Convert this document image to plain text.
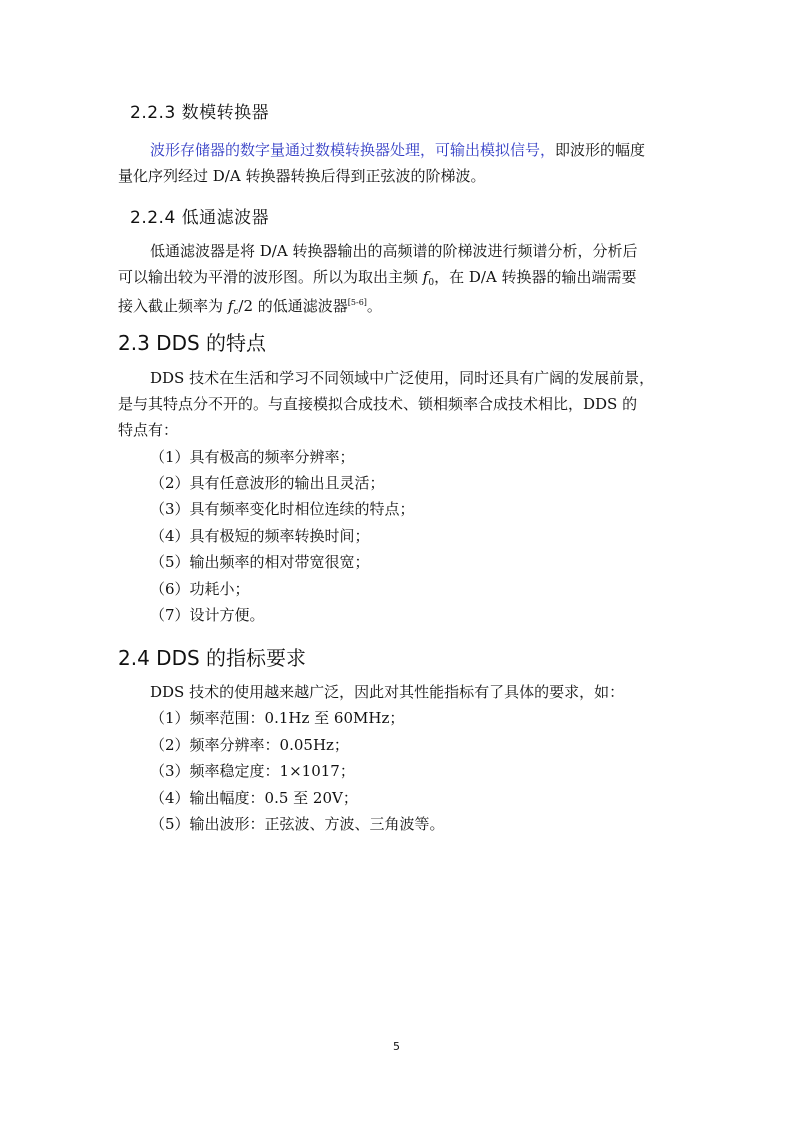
2.2.3 数模转换器
波形存储器的数字量通过数模转换器处理，可输出模拟信号，即波形的幅度
量化序列经过 D/A 转换器转换后得到正弦波的阶梯波。
2.2.4 低通滤波器
低通滤波器是将 D/A 转换器输出的高频谱的阶梯波进行频谱分析，分析后
可以输出较为平滑的波形图。所以为取出主频 $f_0$，在 D/A 转换器的输出端需要
接入截止频率为 $f_c/2$ 的低通滤波器[5-6]。
2.3 DDS 的特点
DDS 技术在生活和学习不同领域中广泛使用，同时还具有广阔的发展前景，
是与其特点分不开的。与直接模拟合成技术、锁相频率合成技术相比，DDS 的
特点有：
（1）具有极高的频率分辨率；
（2）具有任意波形的输出且灵活；
（3）具有频率变化时相位连续的特点；
（4）具有极短的频率转换时间；
（5）输出频率的相对带宽很宽；
（6）功耗小；
（7）设计方便。
2.4 DDS 的指标要求
DDS 技术的使用越来越广泛，因此对其性能指标有了具体的要求，如：
（1）频率范围：0.1Hz 至 60MHz；
（2）频率分辨率：0.05Hz；
（3）频率稳定度：1×1017；
（4）输出幅度：0.5 至 20V；
（5）输出波形：正弦波、方波、三角波等。
5
